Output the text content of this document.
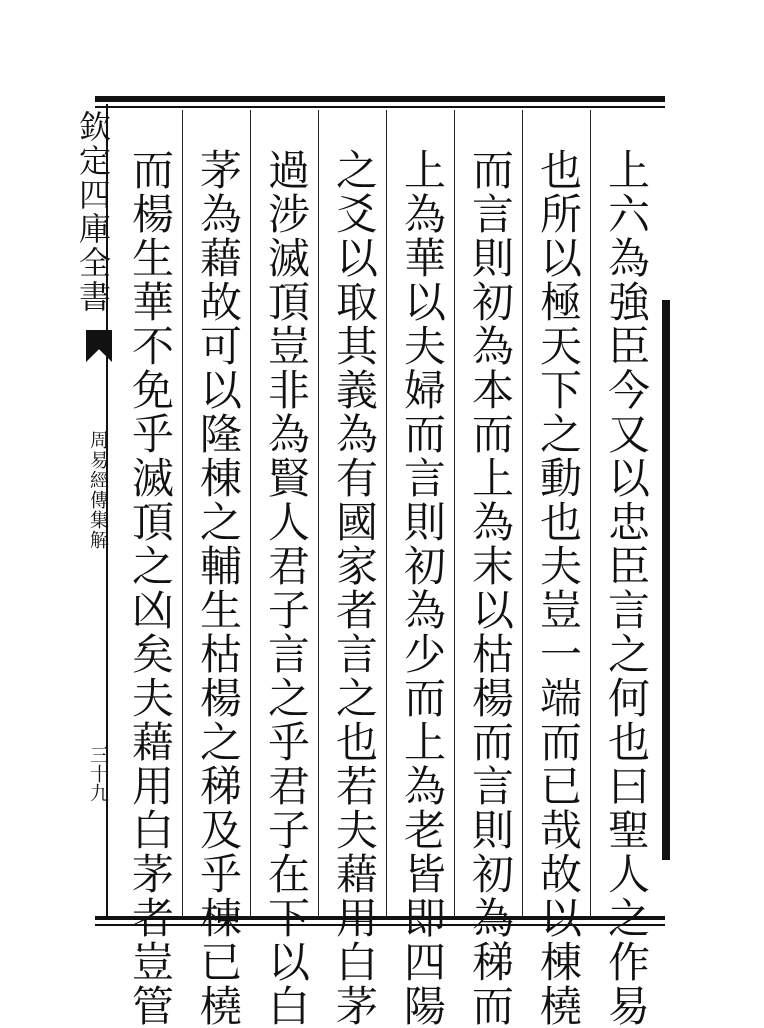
欽定四庫全書
周易經傳集解
三十九	上六為強臣今又以忠臣言之何也曰聖人之作易
也所以極天下之動也夫豈一端而已哉故以棟橈
而言則初為本而上為末以枯楊而言則初為稊而
上為華以夫婦而言則初為少而上為老皆即四陽
之爻以取其義為有國家者言之也若夫藉用白茅
過涉滅頂豈非為賢人君子言之乎君子在下以白
茅為藉故可以隆棟之輔生枯楊之稊及乎棟已橈
而楊生華不免乎滅頂之凶矣夫藉用白茅者豈管
